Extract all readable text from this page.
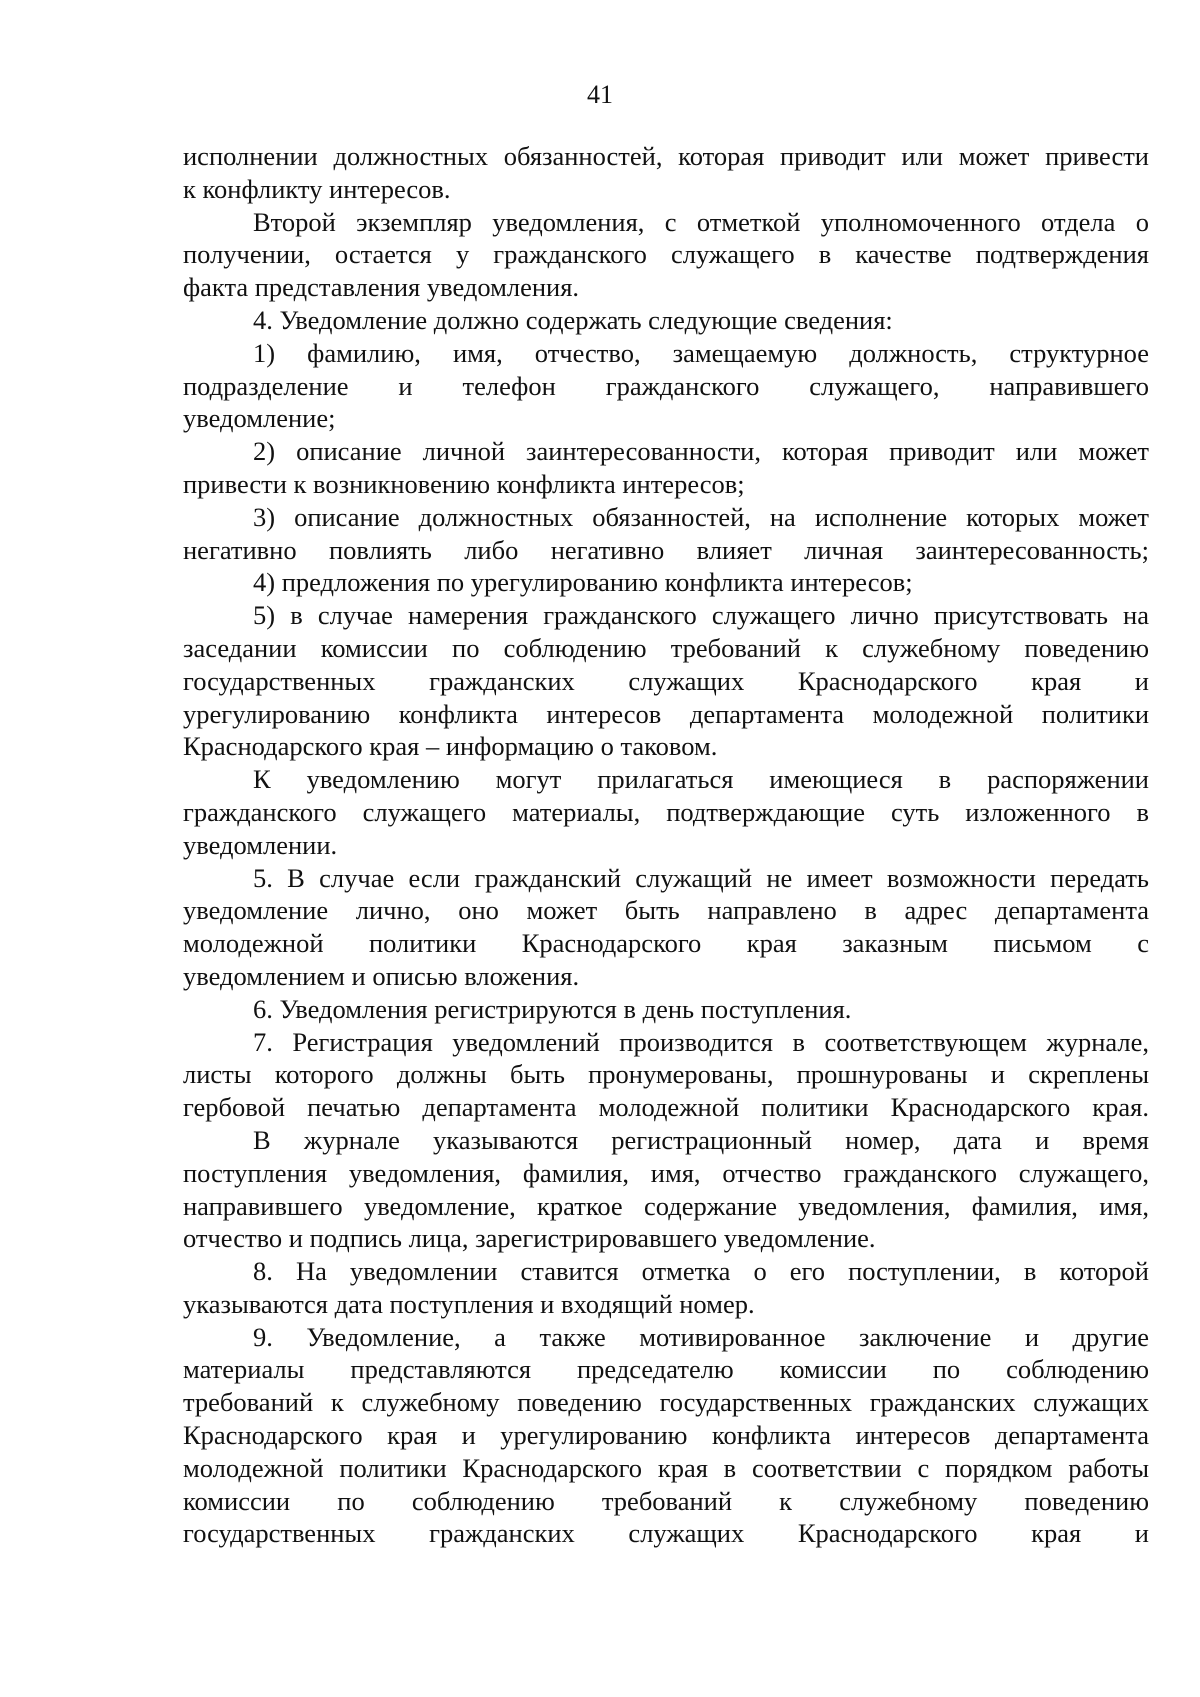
41
исполнении должностных обязанностей, которая приводит или может привести
к конфликту интересов.
Второй экземпляр уведомления, с отметкой уполномоченного отдела о
получении, остается у гражданского служащего в качестве подтверждения
факта представления уведомления.
4. Уведомление должно содержать следующие сведения:
1) фамилию, имя, отчество, замещаемую должность, структурное
подразделение и телефон гражданского служащего, направившего
уведомление;
2) описание личной заинтересованности, которая приводит или может
привести к возникновению конфликта интересов;
3) описание должностных обязанностей, на исполнение которых может
негативно повлиять либо негативно влияет личная заинтересованность;
4) предложения по урегулированию конфликта интересов;
5) в случае намерения гражданского служащего лично присутствовать на
заседании комиссии по соблюдению требований к служебному поведению
государственных гражданских служащих Краснодарского края и
урегулированию конфликта интересов департамента молодежной политики
Краснодарского края – информацию о таковом.
К уведомлению могут прилагаться имеющиеся в распоряжении
гражданского служащего материалы, подтверждающие суть изложенного в
уведомлении.
5. В случае если гражданский служащий не имеет возможности передать
уведомление лично, оно может быть направлено в адрес департамента
молодежной политики Краснодарского края заказным письмом с
уведомлением и описью вложения.
6. Уведомления регистрируются в день поступления.
7. Регистрация уведомлений производится в соответствующем журнале,
листы которого должны быть пронумерованы, прошнурованы и скреплены
гербовой печатью департамента молодежной политики Краснодарского края.
В журнале указываются регистрационный номер, дата и время
поступления уведомления, фамилия, имя, отчество гражданского служащего,
направившего уведомление, краткое содержание уведомления, фамилия, имя,
отчество и подпись лица, зарегистрировавшего уведомление.
8. На уведомлении ставится отметка о его поступлении, в которой
указываются дата поступления и входящий номер.
9. Уведомление, а также мотивированное заключение и другие
материалы представляются председателю комиссии по соблюдению
требований к служебному поведению государственных гражданских служащих
Краснодарского края и урегулированию конфликта интересов департамента
молодежной политики Краснодарского края в соответствии с порядком работы
комиссии по соблюдению требований к служебному поведению
государственных гражданских служащих Краснодарского края и
